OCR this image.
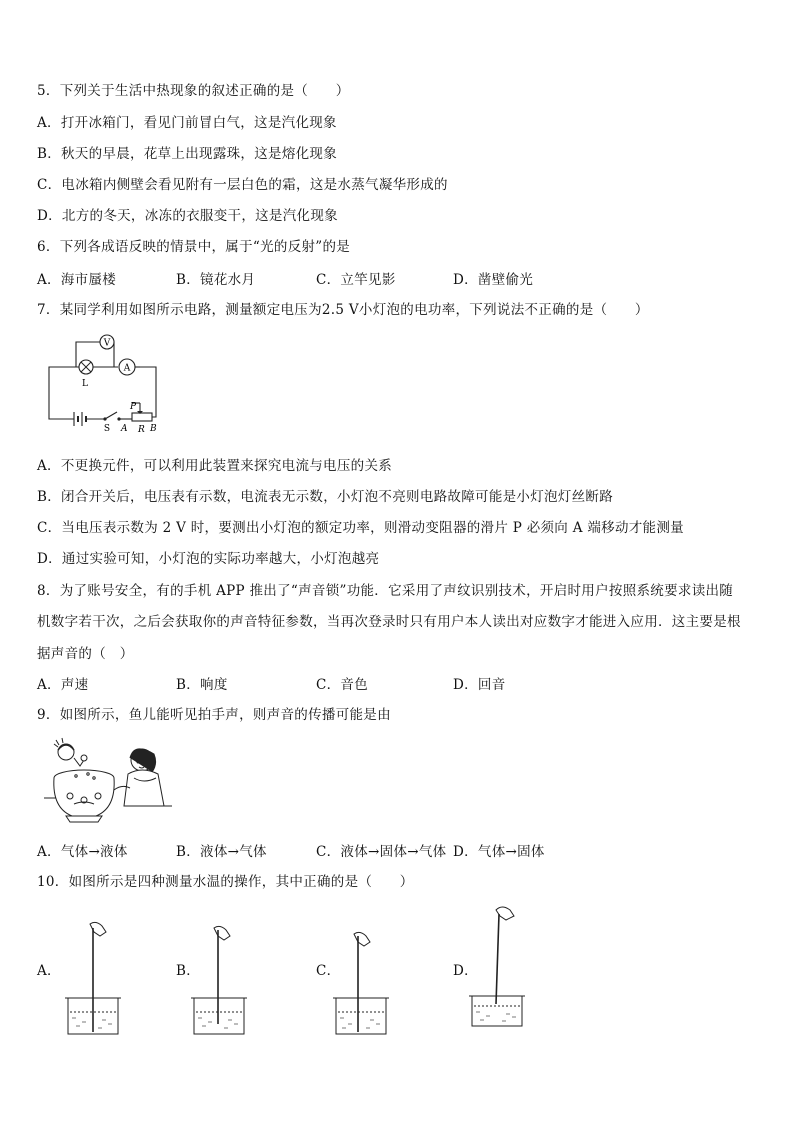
5．下列关于生活中热现象的叙述正确的是（　　）
A．打开冰箱门，看见门前冒白气，这是汽化现象
B．秋天的早晨，花草上出现露珠，这是熔化现象
C．电冰箱内侧壁会看见附有一层白色的霜，这是水蒸气凝华形成的
D．北方的冬天，冰冻的衣服变干，这是汽化现象
6．下列各成语反映的情景中，属于“光的反射”的是
A．海市蜃楼	B．镜花水月	C．立竿见影	D．凿壁偷光
7．某同学利用如图所示电路，测量额定电压为2.5 V小灯泡的电功率，下列说法不正确的是（　　）
V
L
A
S
P
A R B
A．不更换元件，可以利用此装置来探究电流与电压的关系
B．闭合开关后，电压表有示数，电流表无示数，小灯泡不亮则电路故障可能是小灯泡灯丝断路
C．当电压表示数为 2 V 时，要测出小灯泡的额定功率，则滑动变阻器的滑片 P 必须向 A 端移动才能测量
D．通过实验可知，小灯泡的实际功率越大，小灯泡越亮
8．为了账号安全，有的手机 APP 推出了“声音锁”功能．它采用了声纹识别技术，开启时用户按照系统要求读出随
机数字若干次，之后会获取你的声音特征参数，当再次登录时只有用户本人读出对应数字才能进入应用．这主要是根
据声音的（　）
A．声速	B．响度	C．音色	D．回音
9．如图所示，鱼儿能听见拍手声，则声音的传播可能是由
A．气体→液体	B．液体→气体	C．液体→固体→气体 D．气体→固体
10．如图所示是四种测量水温的操作，其中正确的是（　　）
A．	B．	C．	D．
